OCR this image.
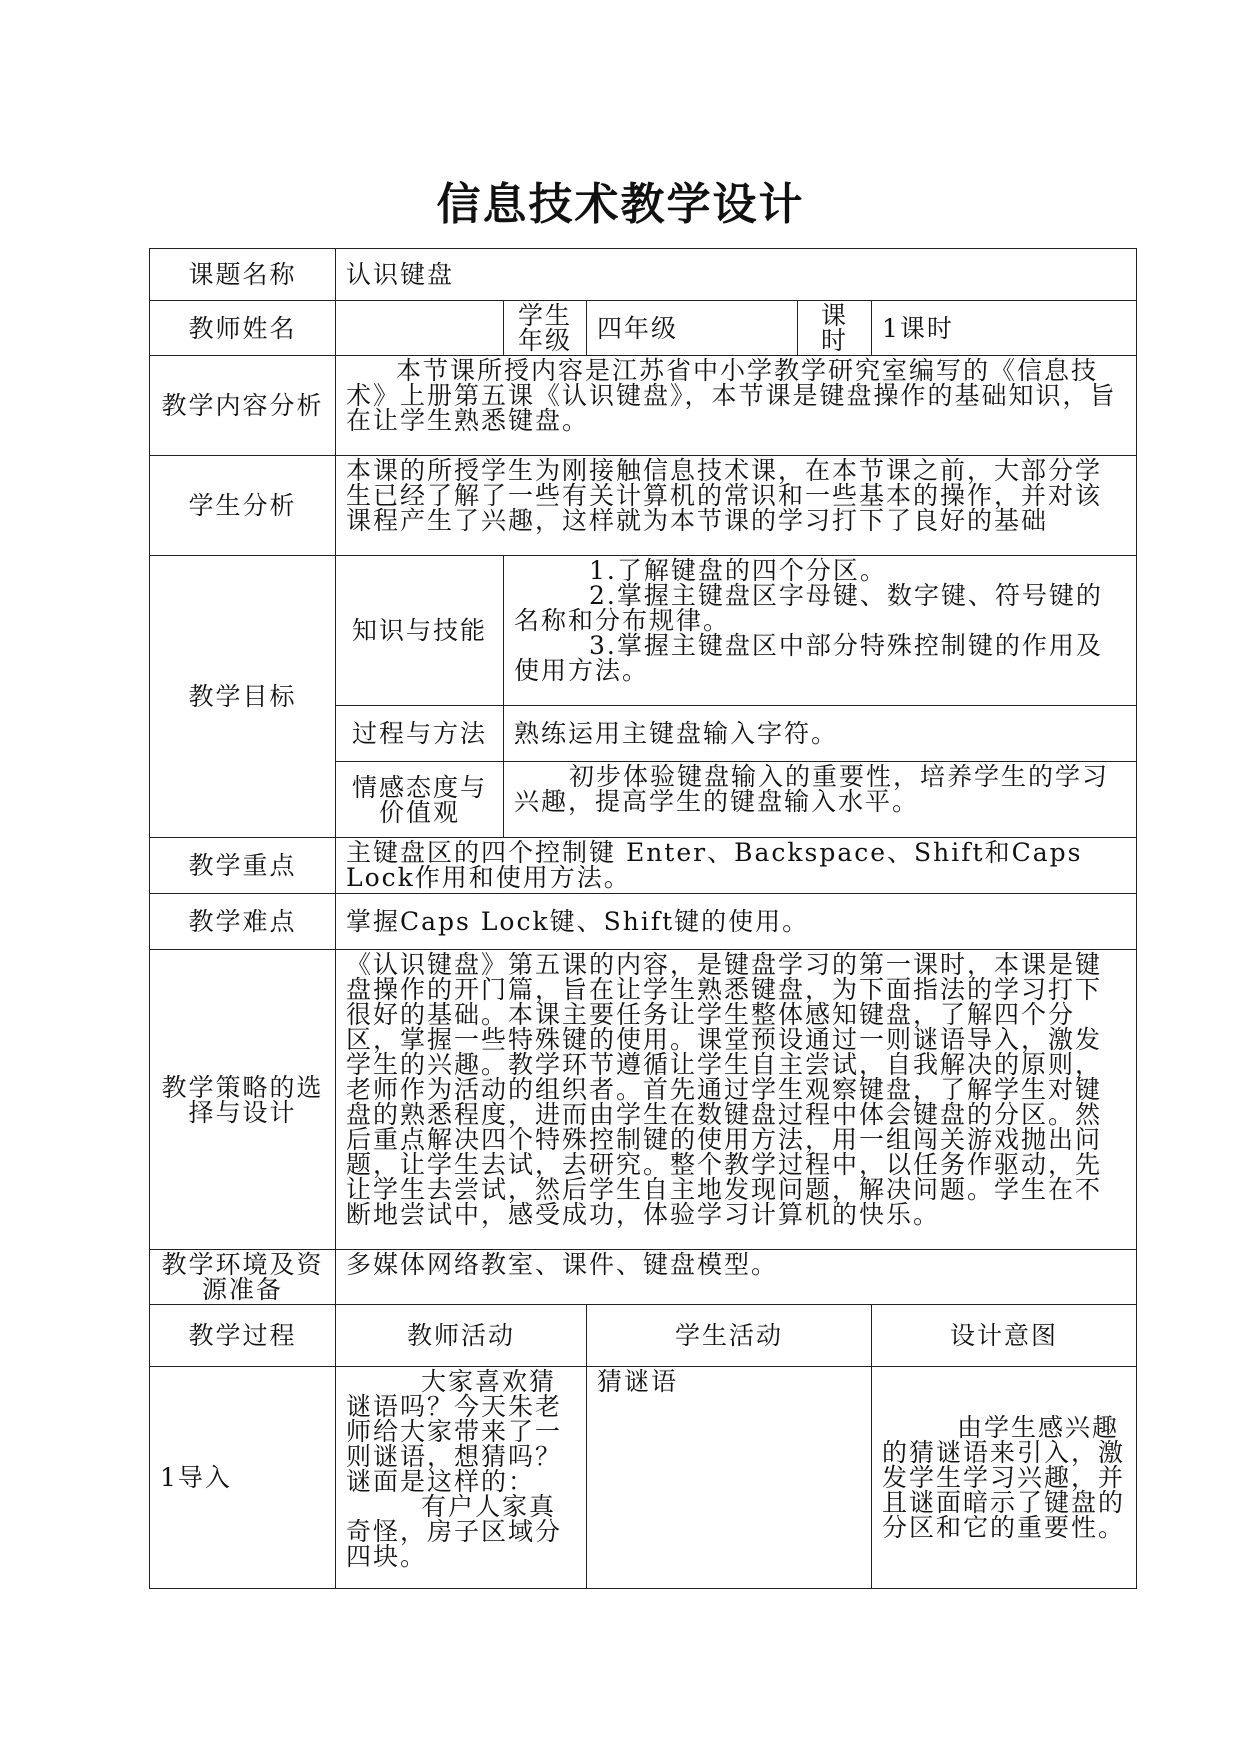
信息技术教学设计
课题名称	认识键盘				
教师姓名		学生年级	四年级	课时	1课时
教学内容分析	本节课所授内容是江苏省中小学教学研究室编写的《信息技术》上册第五课《认识键盘》，本节课是键盘操作的基础知识，旨在让学生熟悉键盘。				
学生分析	本课的所授学生为刚接触信息技术课，在本节课之前，大部分学生已经了解了一些有关计算机的常识和一些基本的操作，并对该课程产生了兴趣，这样就为本节课的学习打下了良好的基础				
教学目标	知识与技能	1.了解键盘的四个分区。
2.掌握主键盘区字母键、数字键、符号键的名称和分布规律。
3.掌握主键盘区中部分特殊控制键的作用及使用方法。			

	过程与方法	熟练运用主键盘输入字符。			
	情感态度与价值观	初步体验键盘输入的重要性，培养学生的学习兴趣，提高学生的键盘输入水平。			
教学重点	主键盘区的四个控制键 Enter、Backspace、Shift和Caps Lock作用和使用方法。				
教学难点	掌握Caps Lock键、Shift键的使用。				
教学策略的选择与设计	《认识键盘》第五课的内容，是键盘学习的第一课时，本课是键盘操作的开门篇，旨在让学生熟悉键盘，为下面指法的学习打下很好的基础。本课主要任务让学生整体感知键盘，了解四个分区，掌握一些特殊键的使用。课堂预设通过一则谜语导入，激发学生的兴趣。教学环节遵循让学生自主尝试，自我解决的原则，老师作为活动的组织者。首先通过学生观察键盘，了解学生对键盘的熟悉程度，进而由学生在数键盘过程中体会键盘的分区。然后重点解决四个特殊控制键的使用方法，用一组闯关游戏抛出问题，让学生去试，去研究。整个教学过程中，以任务作驱动，先让学生去尝试，然后学生自主地发现问题，解决问题。学生在不断地尝试中，感受成功，体验学习计算机的快乐。				
教学环境及资源准备	多媒体网络教室、课件、键盘模型。				
教学过程	教师活动		学生活动		设计意图
1导入	大家喜欢猜谜语吗？今天朱老师给大家带来了一则谜语，想猜吗？谜面是这样的：
有户人家真奇怪，房子区域分四块。		猜谜语		由学生感兴趣的猜谜语来引入，激发学生学习兴趣，并且谜面暗示了键盘的分区和它的重要性。
